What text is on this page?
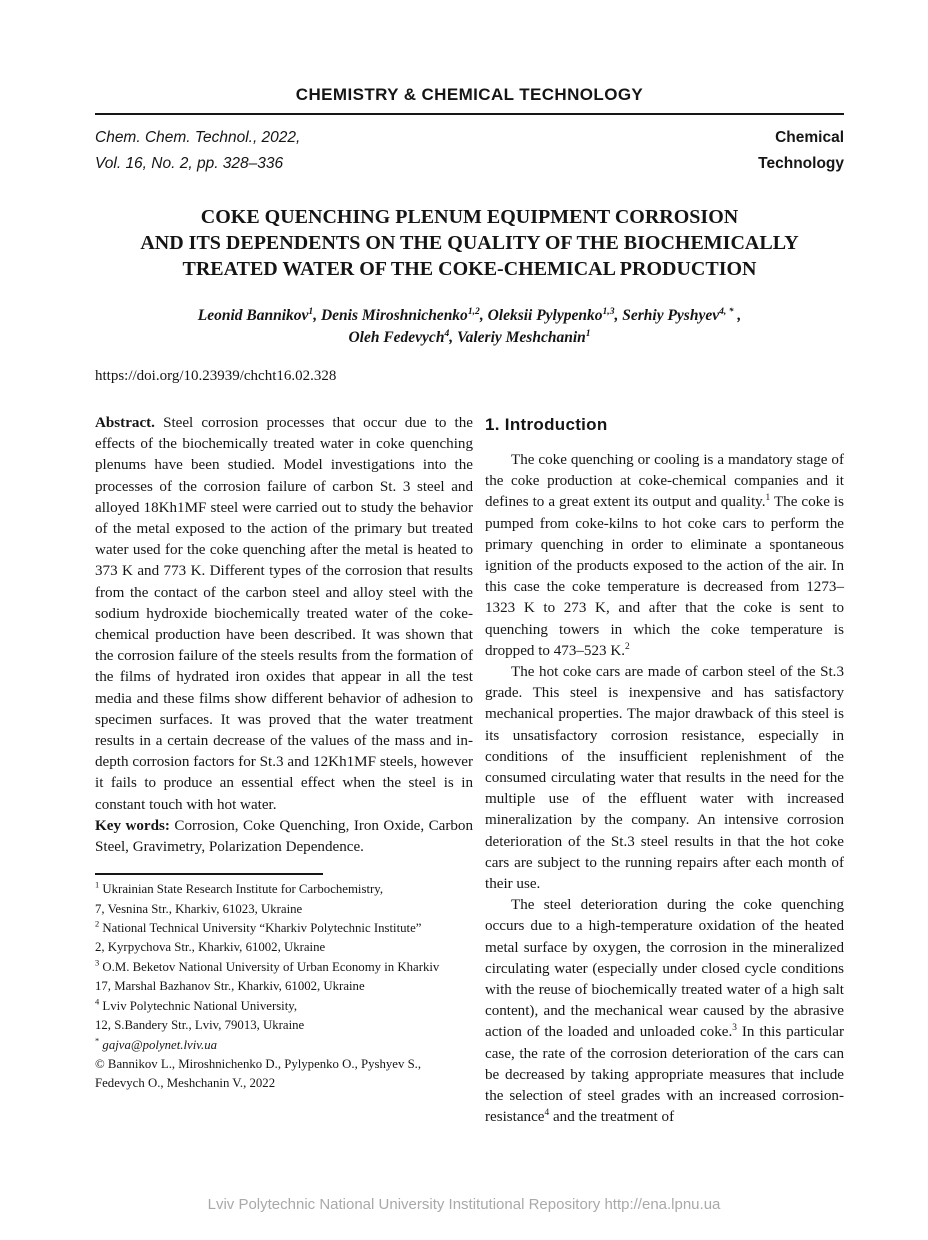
CHEMISTRY & CHEMICAL TECHNOLOGY
Chem. Chem. Technol., 2022,
Vol. 16, No. 2, pp. 328–336
Chemical
Technology
COKE QUENCHING PLENUM EQUIPMENT CORROSION
AND ITS DEPENDENTS ON THE QUALITY OF THE BIOCHEMICALLY
TREATED WATER OF THE COKE-CHEMICAL PRODUCTION
Leonid Bannikov$^1$, Denis Miroshnichenko$^{1,2}$, Oleksii Pylypenko$^{1,3}$, Serhiy Pyshyev$^{4, *}$ ,
Oleh Fedevych$^4$, Valeriy Meshchanin$^1$
https://doi.org/10.23939/chcht16.02.328

Abstract. Steel corrosion processes that occur due to the effects of the biochemically treated water in coke quenching plenums have been studied. Model investigations into the processes of the corrosion failure of carbon St. 3 steel and alloyed 18Kh1MF steel were carried out to study the behavior of the metal exposed to the action of the primary but treated water used for the coke quenching after the metal is heated to 373 K and 773 K. Different types of the corrosion that results from the contact of the carbon steel and alloy steel with the sodium hydroxide biochemically treated water of the coke-chemical production have been described. It was shown that the corrosion failure of the steels results from the formation of the films of hydrated iron oxides that appear in all the test media and these films show different behavior of adhesion to specimen surfaces. It was proved that the water treatment results in a certain decrease of the values of the mass and in-depth corrosion factors for St.3 and 12Kh1MF steels, however it fails to produce an essential effect when the steel is in constant touch with hot water.

Key words: Corrosion, Coke Quenching, Iron Oxide, Carbon Steel, Gravimetry, Polarization Dependence.

$^1$ Ukrainian State Research Institute for Carbochemistry,
7, Vesnina Str., Kharkiv, 61023, Ukraine
$^2$ National Technical University “Kharkiv Polytechnic Institute”
2, Kyrpychova Str., Kharkiv, 61002, Ukraine
$^3$ O.M. Beketov National University of Urban Economy in Kharkiv
17, Marshal Bazhanov Str., Kharkiv, 61002, Ukraine
$^4$ Lviv Polytechnic National University,
12, S.Bandery Str., Lviv, 79013, Ukraine
* gajva@polynet.lviv.ua
© Bannikov L., Miroshnichenko D., Pylypenko O., Pyshyev S.,
Fedevych O., Meshchanin V., 2022
1. Introduction

The coke quenching or cooling is a mandatory stage of the coke production at coke-chemical companies and it defines to a great extent its output and quality.$^1$ The coke is pumped from coke-kilns to hot coke cars to perform the primary quenching in order to eliminate a spontaneous ignition of the products exposed to the action of the air. In this case the coke temperature is decreased from 1273–1323 K to 273 K, and after that the coke is sent to quenching towers in which the coke temperature is dropped to 473–523 K.$^2$

The hot coke cars are made of carbon steel of the St.3 grade. This steel is inexpensive and has satisfactory mechanical properties. The major drawback of this steel is its unsatisfactory corrosion resistance, especially in conditions of the insufficient replenishment of the consumed circulating water that results in the need for the multiple use of the effluent water with increased mineralization by the company. An intensive corrosion deterioration of the St.3 steel results in that the hot coke cars are subject to the running repairs after each month of their use.

The steel deterioration during the coke quenching occurs due to a high-temperature oxidation of the heated metal surface by oxygen, the corrosion in the mineralized circulating water (especially under closed cycle conditions with the reuse of biochemically treated water of a high salt content), and the mechanical wear caused by the abrasive action of the loaded and unloaded coke.$^3$ In this particular case, the rate of the corrosion deterioration of the cars can be decreased by taking appropriate measures that include the selection of steel grades with an increased corrosion-resistance$^4$ and the treatment of

Lviv Polytechnic National University Institutional Repository http://ena.lpnu.ua
